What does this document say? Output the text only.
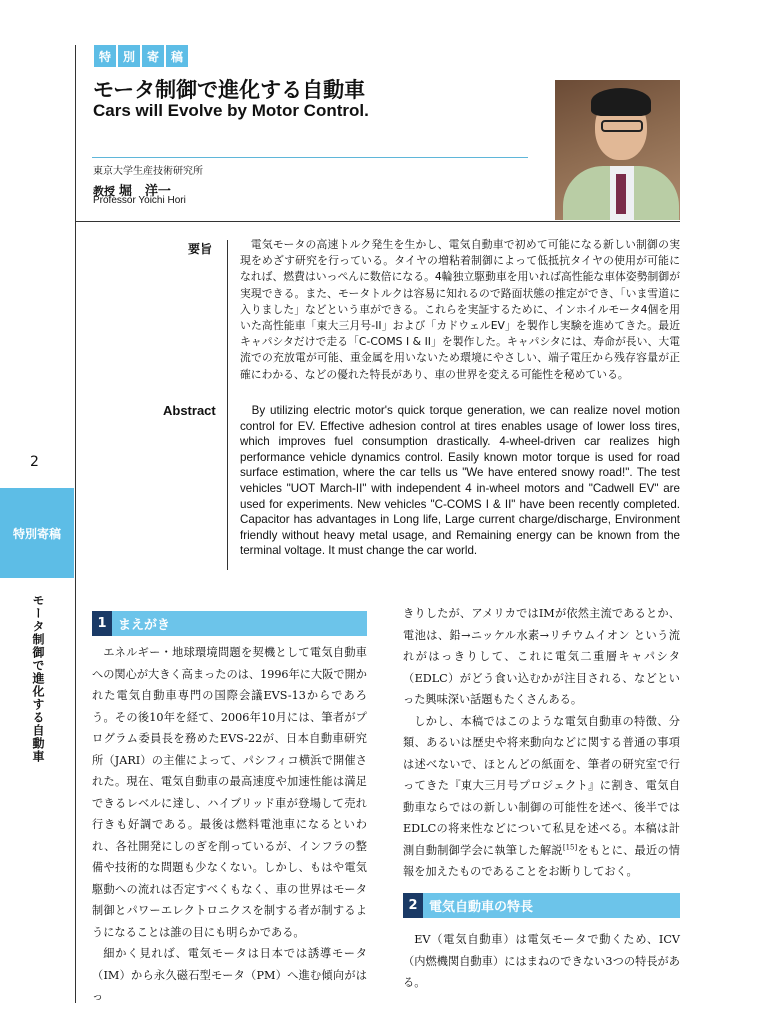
2
特別寄稿
モータ制御で進化する自動車
特 別 寄 稿
モータ制御で進化する自動車
Cars will Evolve by Motor Control.
東京大学生産技術研究所
教授 堀　洋一
Professor Yoichi Hori
要旨	電気モータの高速トルク発生を生かし、電気自動車で初めて可能になる新しい制御の実現をめざす研究を行っている。タイヤの増粘着制御によって低抵抗タイヤの使用が可能になれば、燃費はいっぺんに数倍になる。4輪独立駆動車を用いれば高性能な車体姿勢制御が実現できる。また、モータトルクは容易に知れるので路面状態の推定ができ、「いま雪道に入りました」などという車ができる。これらを実証するために、インホイルモータ4個を用いた高性能車「東大三月号-II」および「カドウェルEV」を製作し実験を進めてきた。最近キャパシタだけで走る「C-COMS I & II」を製作した。キャパシタには、寿命が長い、大電流での充放電が可能、重金属を用いないため環境にやさしい、端子電圧から残存容量が正確にわかる、などの優れた特長があり、車の世界を変える可能性を秘めている。
Abstract	By utilizing electric motor's quick torque generation, we can realize novel motion control for EV. Effective adhesion control at tires enables usage of lower loss tires, which improves fuel consumption drastically. 4-wheel-driven car realizes high performance vehicle dynamics control. Easily known motor torque is used for road surface estimation, where the car tells us "We have entered snowy road!". The test vehicles "UOT March-II" with independent 4 in-wheel motors and "Cadwell EV" are used for experiments. New vehicles "C-COMS I & II" have been recently completed. Capacitor has advantages in Long life, Large current charge/discharge, Environment friendly without heavy metal usage, and Remaining energy can be known from the terminal voltage. It must change the car world.
1 まえがき

エネルギー・地球環境問題を契機として電気自動車への関心が大きく高まったのは、1996年に大阪で開かれた電気自動車専門の国際会議EVS-13からであろう。その後10年を経て、2006年10月には、筆者がプログラム委員長を務めたEVS-22が、日本自動車研究所（JARI）の主催によって、パシフィコ横浜で開催された。現在、電気自動車の最高速度や加速性能は満足できるレベルに達し、ハイブリッド車が登場して売れ行きも好調である。最後は燃料電池車になるといわれ、各社開発にしのぎを削っているが、インフラの整備や技術的な問題も少なくない。しかし、もはや電気駆動への流れは否定すべくもなく、車の世界はモータ制御とパワーエレクトロニクスを制する者が制するようになることは誰の目にも明らかである。

細かく見れば、電気モータは日本では誘導モータ（IM）から永久磁石型モータ（PM）へ進む傾向がはっ

きりしたが、アメリカではIMが依然主流であるとか、電池は、鉛→ニッケル水素→リチウムイオン という流れがはっきりして、これに電気二重層キャパシタ（EDLC）がどう食い込むかが注目される、などといった興味深い話題もたくさんある。

しかし、本稿ではこのような電気自動車の特徴、分類、あるいは歴史や将来動向などに関する普通の事項は述べないで、ほとんどの紙面を、筆者の研究室で行ってきた『東大三月号プロジェクト』に割き、電気自動車ならではの新しい制御の可能性を述べ、後半ではEDLCの将来性などについて私見を述べる。本稿は計測自動制御学会に執筆した解説[15]をもとに、最近の情報を加えたものであることをお断りしておく。

2 電気自動車の特長

EV（電気自動車）は電気モータで動くため、ICV（内燃機関自動車）にはまねのできない3つの特長がある。
